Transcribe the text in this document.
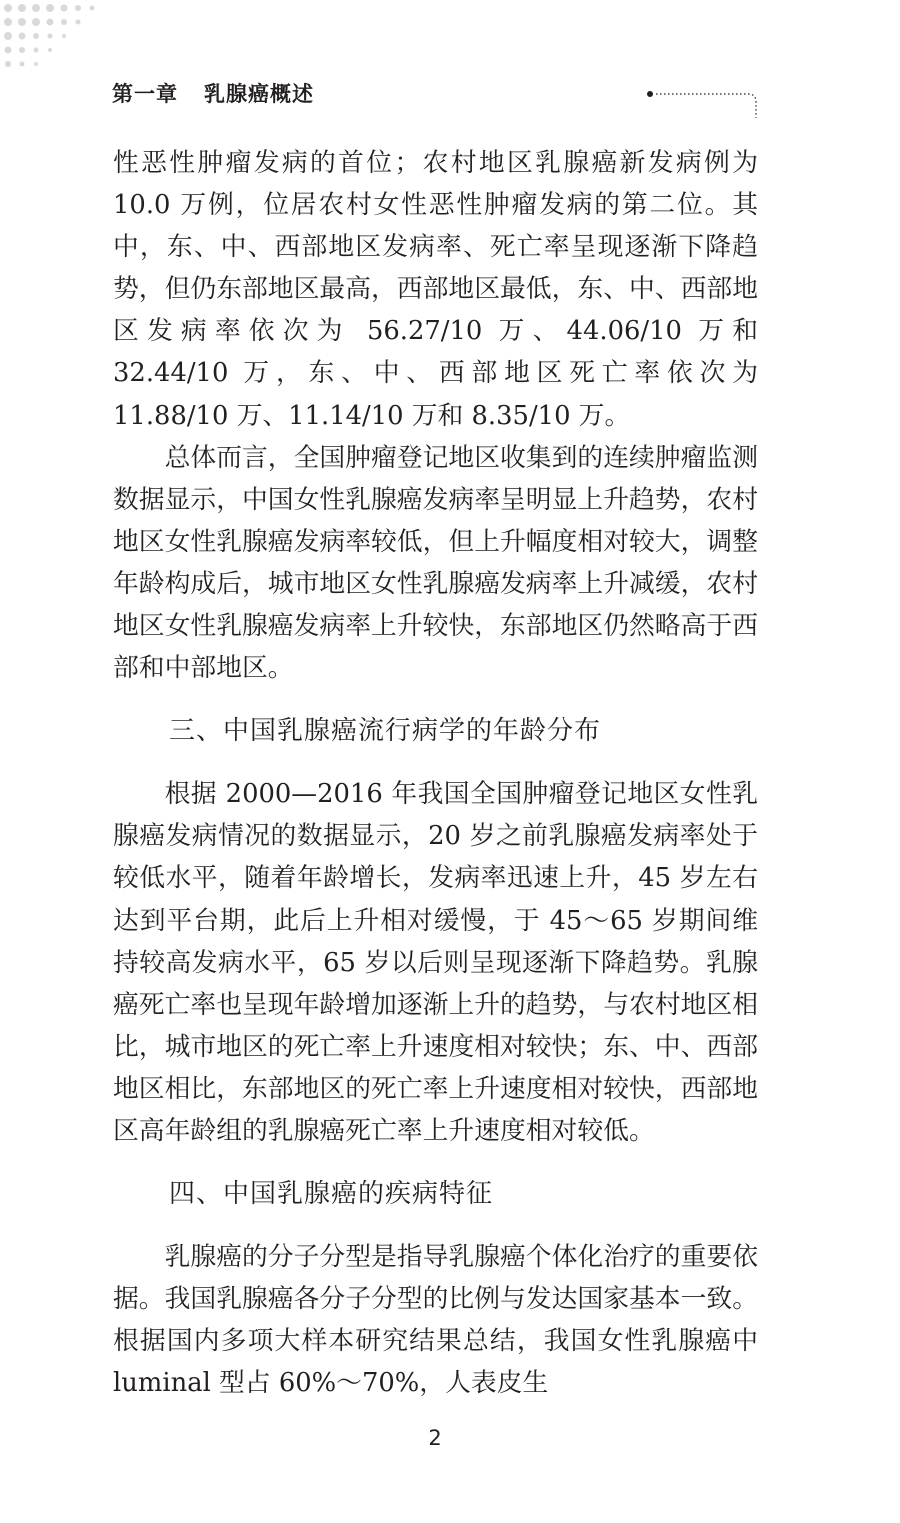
第一章 乳腺癌概述

性恶性肿瘤发病的首位；农村地区乳腺癌新发病例为10.0 万例，位居农村女性恶性肿瘤发病的第二位。其中，东、中、西部地区发病率、死亡率呈现逐渐下降趋势，但仍东部地区最高，西部地区最低，东、中、西部地区发病率依次为 56.27/10 万、44.06/10 万和 32.44/10 万，东、中、西部地区死亡率依次为 11.88/10 万、11.14/10 万和 8.35/10 万。

总体而言，全国肿瘤登记地区收集到的连续肿瘤监测数据显示，中国女性乳腺癌发病率呈明显上升趋势，农村地区女性乳腺癌发病率较低，但上升幅度相对较大，调整年龄构成后，城市地区女性乳腺癌发病率上升减缓，农村地区女性乳腺癌发病率上升较快，东部地区仍然略高于西部和中部地区。

三、中国乳腺癌流行病学的年龄分布

根据 2000—2016 年我国全国肿瘤登记地区女性乳腺癌发病情况的数据显示，20 岁之前乳腺癌发病率处于较低水平，随着年龄增长，发病率迅速上升，45 岁左右达到平台期，此后上升相对缓慢，于 45～65 岁期间维持较高发病水平，65 岁以后则呈现逐渐下降趋势。乳腺癌死亡率也呈现年龄增加逐渐上升的趋势，与农村地区相比，城市地区的死亡率上升速度相对较快；东、中、西部地区相比，东部地区的死亡率上升速度相对较快，西部地区高年龄组的乳腺癌死亡率上升速度相对较低。

四、中国乳腺癌的疾病特征

乳腺癌的分子分型是指导乳腺癌个体化治疗的重要依据。我国乳腺癌各分子分型的比例与发达国家基本一致。根据国内多项大样本研究结果总结，我国女性乳腺癌中 luminal 型占 60%～70%，人表皮生

2
